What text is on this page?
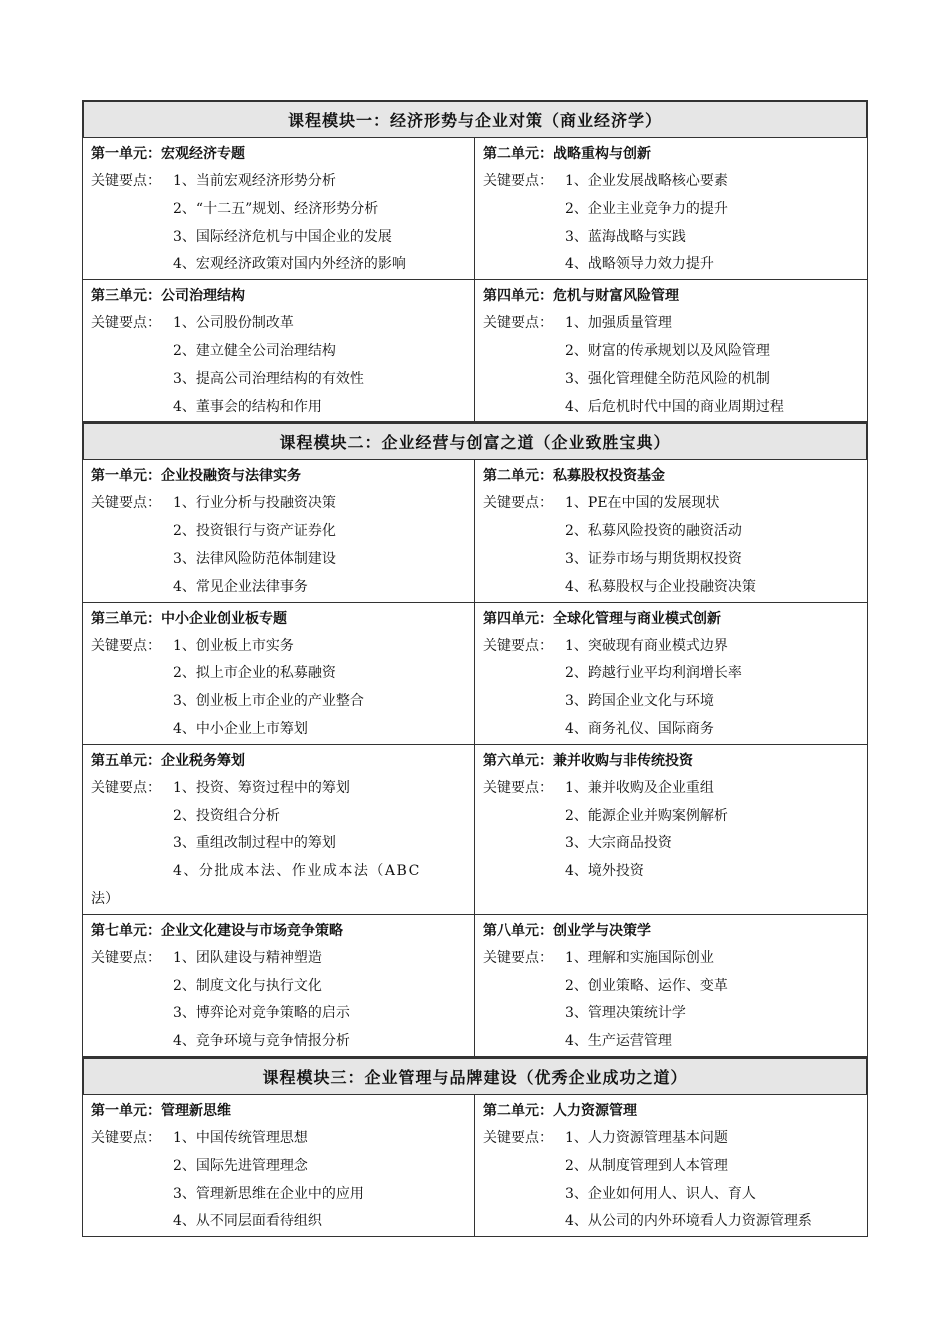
课程模块一：经济形势与企业对策（商业经济学）
第一单元：宏观经济专题
关键要点： 1、当前宏观经济形势分析
2、“十二五”规划、经济形势分析
3、国际经济危机与中国企业的发展
4、宏观经济政策对国内外经济的影响
第二单元：战略重构与创新
关键要点： 1、企业发展战略核心要素
2、企业主业竞争力的提升
3、蓝海战略与实践
4、战略领导力效力提升
第三单元：公司治理结构
关键要点： 1、公司股份制改革
2、建立健全公司治理结构
3、提高公司治理结构的有效性
4、董事会的结构和作用
第四单元：危机与财富风险管理
关键要点： 1、加强质量管理
2、财富的传承规划以及风险管理
3、强化管理健全防范风险的机制
4、后危机时代中国的商业周期过程
课程模块二：企业经营与创富之道（企业致胜宝典）
第一单元：企业投融资与法律实务
关键要点： 1、行业分析与投融资决策
2、投资银行与资产证券化
3、法律风险防范体制建设
4、常见企业法律事务
第二单元：私募股权投资基金
关键要点： 1、PE在中国的发展现状
2、私募风险投资的融资活动
3、证券市场与期货期权投资
4、私募股权与企业投融资决策
第三单元：中小企业创业板专题
关键要点： 1、创业板上市实务
2、拟上市企业的私募融资
3、创业板上市企业的产业整合
4、中小企业上市筹划
第四单元：全球化管理与商业模式创新
关键要点： 1、突破现有商业模式边界
2、跨越行业平均利润增长率
3、跨国企业文化与环境
4、商务礼仪、国际商务
第五单元：企业税务筹划
关键要点： 1、投资、筹资过程中的筹划
2、投资组合分析
3、重组改制过程中的筹划
4、分批成本法、作业成本法（ABC
法）
第六单元：兼并收购与非传统投资
关键要点： 1、兼并收购及企业重组
2、能源企业并购案例解析
3、大宗商品投资
4、境外投资
第七单元：企业文化建设与市场竞争策略
关键要点： 1、团队建设与精神塑造
2、制度文化与执行文化
3、博弈论对竞争策略的启示
4、竞争环境与竞争情报分析
第八单元：创业学与决策学
关键要点： 1、理解和实施国际创业
2、创业策略、运作、变革
3、管理决策统计学
4、生产运营管理
课程模块三：企业管理与品牌建设（优秀企业成功之道）
第一单元：管理新思维
关键要点： 1、中国传统管理思想
2、国际先进管理理念
3、管理新思维在企业中的应用
4、从不同层面看待组织
第二单元：人力资源管理
关键要点： 1、人力资源管理基本问题
2、从制度管理到人本管理
3、企业如何用人、识人、育人
4、从公司的内外环境看人力资源管理系
